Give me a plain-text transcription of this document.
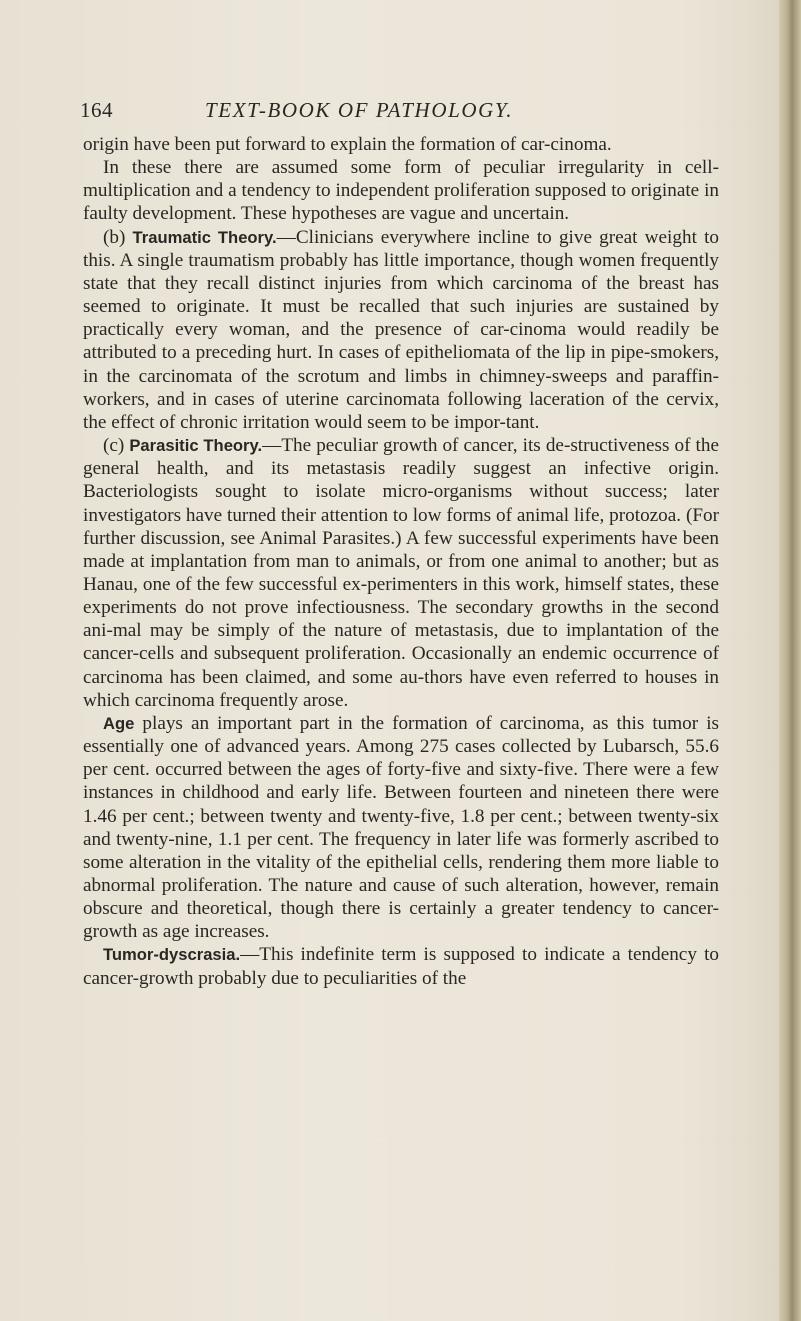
164	TEXT-BOOK OF PATHOLOGY.

origin have been put forward to explain the formation of car-cinoma.

In these there are assumed some form of peculiar irregularity in cell-multiplication and a tendency to independent proliferation supposed to originate in faulty development. These hypotheses are vague and uncertain.

(b) Traumatic Theory.—Clinicians everywhere incline to give great weight to this. A single traumatism probably has little importance, though women frequently state that they recall distinct injuries from which carcinoma of the breast has seemed to originate. It must be recalled that such injuries are sustained by practically every woman, and the presence of car-cinoma would readily be attributed to a preceding hurt. In cases of epitheliomata of the lip in pipe-smokers, in the carcinomata of the scrotum and limbs in chimney-sweeps and paraffin-workers, and in cases of uterine carcinomata following laceration of the cervix, the effect of chronic irritation would seem to be impor-tant.

(c) Parasitic Theory.—The peculiar growth of cancer, its de-structiveness of the general health, and its metastasis readily suggest an infective origin. Bacteriologists sought to isolate micro-organisms without success; later investigators have turned their attention to low forms of animal life, protozoa. (For further discussion, see Animal Parasites.) A few successful experiments have been made at implantation from man to animals, or from one animal to another; but as Hanau, one of the few successful ex-perimenters in this work, himself states, these experiments do not prove infectiousness. The secondary growths in the second ani-mal may be simply of the nature of metastasis, due to implantation of the cancer-cells and subsequent proliferation. Occasionally an endemic occurrence of carcinoma has been claimed, and some au-thors have even referred to houses in which carcinoma frequently arose.

Age plays an important part in the formation of carcinoma, as this tumor is essentially one of advanced years. Among 275 cases collected by Lubarsch, 55.6 per cent. occurred between the ages of forty-five and sixty-five. There were a few instances in childhood and early life. Between fourteen and nineteen there were 1.46 per cent.; between twenty and twenty-five, 1.8 per cent.; between twenty-six and twenty-nine, 1.1 per cent. The frequency in later life was formerly ascribed to some alteration in the vitality of the epithelial cells, rendering them more liable to abnormal proliferation. The nature and cause of such alteration, however, remain obscure and theoretical, though there is certainly a greater tendency to cancer-growth as age increases.

Tumor-dyscrasia.—This indefinite term is supposed to indicate a tendency to cancer-growth probably due to peculiarities of the
